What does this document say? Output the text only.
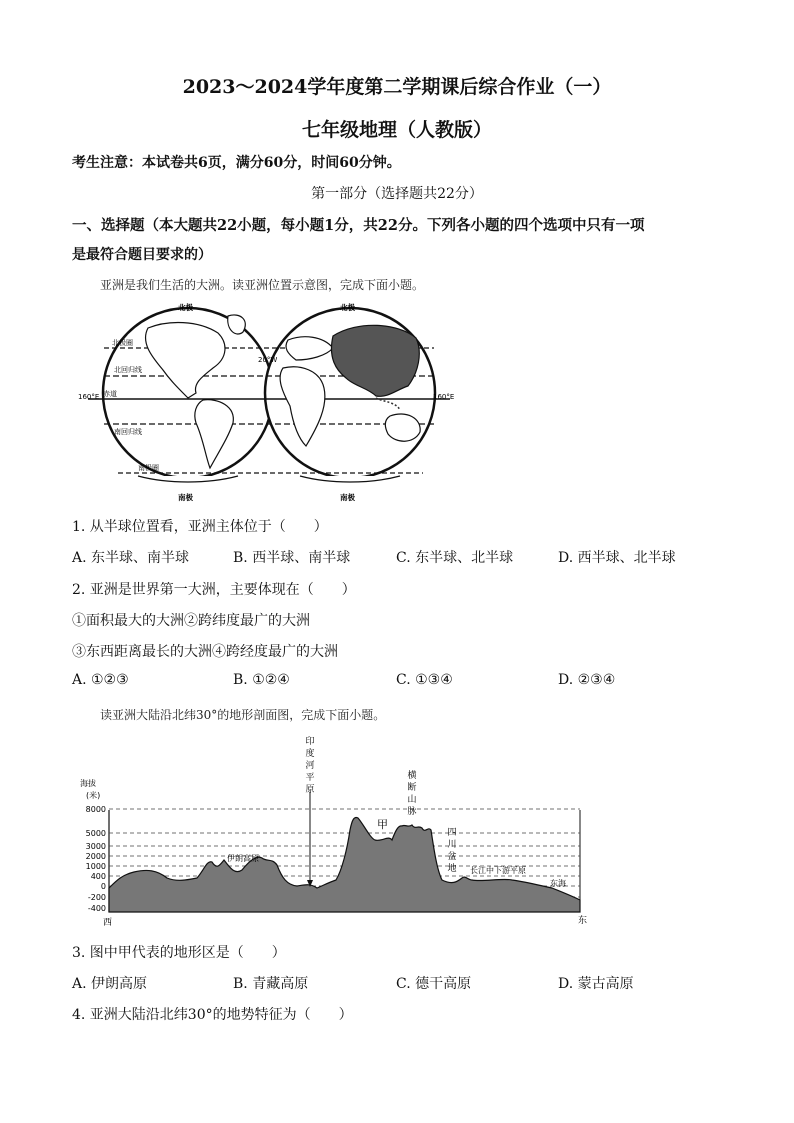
2023～2024学年度第二学期课后综合作业（一）
七年级地理（人教版）
考生注意：本试卷共6页，满分60分，时间60分钟。
第一部分（选择题共22分）
一、选择题（本大题共22小题，每小题1分，共22分。下列各小题的四个选项中只有一项
是最符合题目要求的）
亚洲是我们生活的大洲。读亚洲位置示意图，完成下面小题。
北极	北极
南极	南极
北极圈
北回归线
赤道
南回归线
南极圈
160°E	160°E
20°W
1. 从半球位置看，亚洲主体位于（　　）
A. 东半球、南半球	B. 西半球、南半球	C. 东半球、北半球	D. 西半球、北半球
2. 亚洲是世界第一大洲，主要体现在（　　）
①面积最大的大洲②跨纬度最广的大洲
③东西距离最长的大洲④跨经度最广的大洲
A. ①②③	B. ①②④	C. ①③④	D. ②③④
读亚洲大陆沿北纬30°的地形剖面图，完成下面小题。
海拔
(米)
8000
5000
3000
2000
1000
400
0
-200
-400
印
度
河
平
原
横
断
山
脉
四
川
盆
地
甲
伊朗高原
长江中下游平原
东海
西	东
3. 图中甲代表的地形区是（　　）
A. 伊朗高原	B. 青藏高原	C. 德干高原	D. 蒙古高原
4. 亚洲大陆沿北纬30°的地势特征为（　　）
